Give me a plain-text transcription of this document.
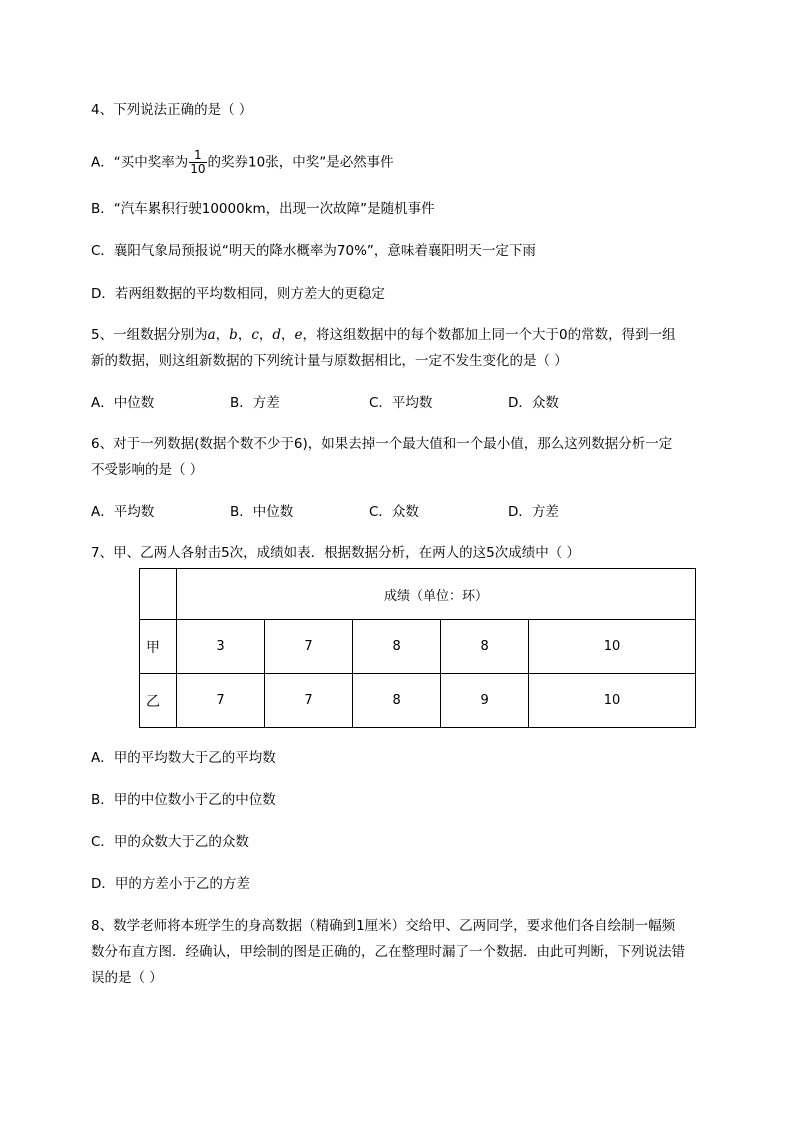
4、下列说法正确的是（ ）
A．“买中奖率为 $\frac{1}{10}$ 的奖券10张，中奖”是必然事件
B．“汽车累积行驶10000km，出现一次故障”是随机事件
C．襄阳气象局预报说“明天的降水概率为70%”，意味着襄阳明天一定下雨
D．若两组数据的平均数相同，则方差大的更稳定
5、一组数据分别为a，b，c，d，e，将这组数据中的每个数都加上同一个大于0的常数，得到一组
新的数据，则这组新数据的下列统计量与原数据相比，一定不发生变化的是（ ）
A．中位数	B．方差	C．平均数	D．众数
6、对于一列数据(数据个数不少于6)，如果去掉一个最大值和一个最小值，那么这列数据分析一定
不受影响的是（ ）
A．平均数	B．中位数	C．众数	D．方差
7、甲、乙两人各射击5次，成绩如表．根据数据分析，在两人的这5次成绩中（ ）
	成绩（单位：环）				
甲	3	7	8	8	10
乙	7	7	8	9	10
A．甲的平均数大于乙的平均数
B．甲的中位数小于乙的中位数
C．甲的众数大于乙的众数
D．甲的方差小于乙的方差
8、数学老师将本班学生的身高数据（精确到1厘米）交给甲、乙两同学，要求他们各自绘制一幅频
数分布直方图．经确认，甲绘制的图是正确的，乙在整理时漏了一个数据．由此可判断，下列说法错
误的是（ ）
